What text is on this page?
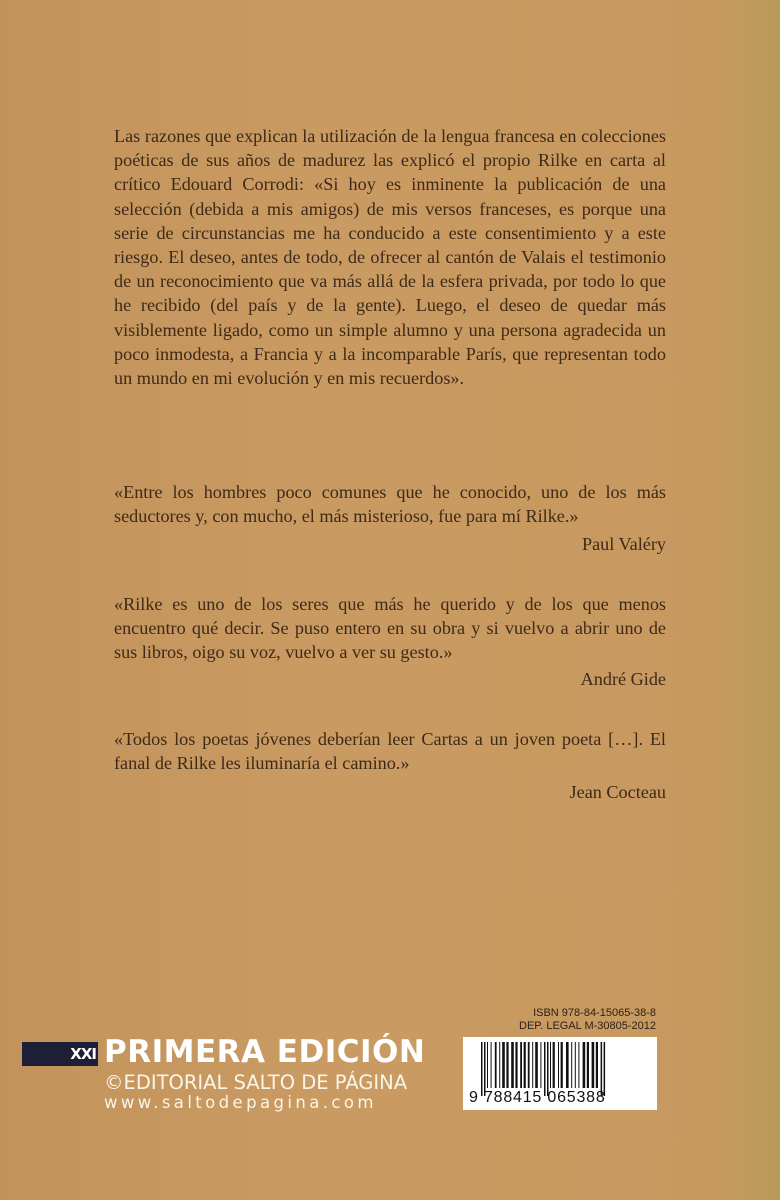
Las razones que explican la utilización de la lengua francesa en colecciones poéticas de sus años de madurez las explicó el propio Rilke en carta al crítico Edouard Corrodi: «Si hoy es inminente la publicación de una selección (debida a mis amigos) de mis versos franceses, es porque una serie de circunstancias me ha conducido a este consentimiento y a este riesgo. El deseo, antes de todo, de ofrecer al cantón de Valais el testimonio de un reconocimiento que va más allá de la esfera privada, por todo lo que he recibido (del país y de la gente). Luego, el deseo de quedar más visiblemente ligado, como un simple alumno y una persona agradecida un poco inmodesta, a Francia y a la incomparable París, que representan todo un mundo en mi evolución y en mis recuerdos».

«Entre los hombres poco comunes que he conocido, uno de los más seductores y, con mucho, el más misterioso, fue para mí Rilke.»

Paul Valéry

«Rilke es uno de los seres que más he querido y de los que menos encuentro qué decir. Se puso entero en su obra y si vuelvo a abrir uno de sus libros, oigo su voz, vuelvo a ver su gesto.»

André Gide

«Todos los poetas jóvenes deberían leer Cartas a un joven poeta […]. El fanal de Rilke les iluminaría el camino.»

Jean Cocteau

XXI PRIMERA EDICIÓN

©EDITORIAL SALTO DE PÁGINA

www.saltodepagina.com

ISBN 978-84-15065-38-8
DEP. LEGAL M-30805-2012

9 788415 065388
